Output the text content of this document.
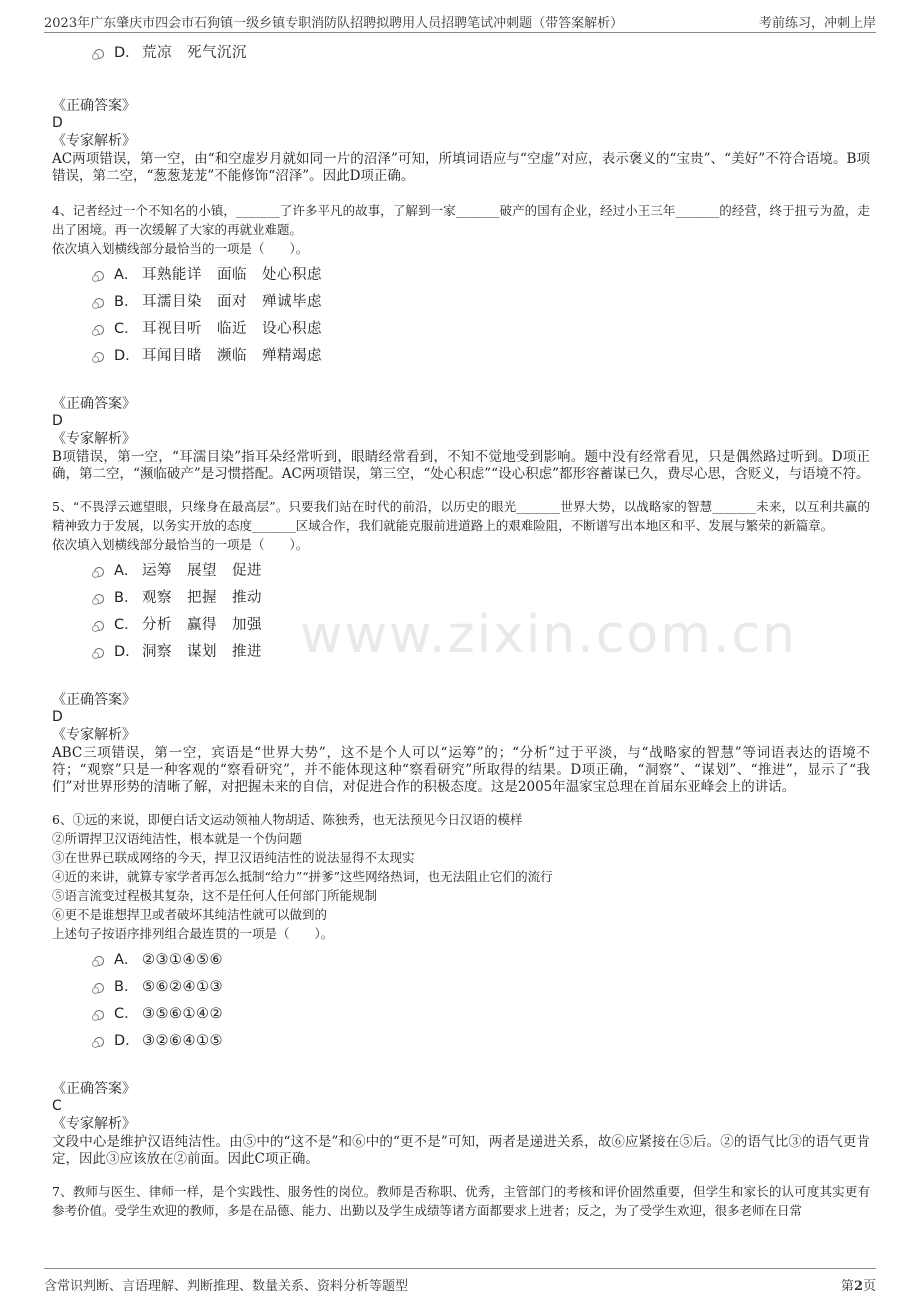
2023年广东肇庆市四会市石狗镇一级乡镇专职消防队招聘拟聘用人员招聘笔试冲刺题（带答案解析）	考前练习，冲刺上岸
www.zixin.com.cn
D． 荒凉　死气沉沉
《正确答案》
D
《专家解析》
AC两项错误，第一空，由“和空虚岁月就如同一片的沼泽”可知，所填词语应与“空虚”对应，表示褒义的“宝贵”、“美好”不符合语境。B项错误，第二空，“葱葱茏茏”不能修饰“沼泽”。因此D项正确。
4、记者经过一个不知名的小镇，_______了许多平凡的故事，了解到一家_______破产的国有企业，经过小王三年_______的经营，终于扭亏为盈，走出了困境。再一次缓解了大家的再就业难题。
依次填入划横线部分最恰当的一项是（　　）。
A． 耳熟能详　面临　处心积虑
B． 耳濡目染　面对　殚诚毕虑
C． 耳视目听　临近　设心积虑
D． 耳闻目睹　濒临　殚精竭虑
《正确答案》
D
《专家解析》
B项错误，第一空，“耳濡目染”指耳朵经常听到，眼睛经常看到，不知不觉地受到影响。题中没有经常看见，只是偶然路过听到。D项正确，第二空，“濒临破产”是习惯搭配。AC两项错误，第三空，“处心积虑”“设心积虑”都形容蓄谋已久，费尽心思，含贬义，与语境不符。
5、“不畏浮云遮望眼，只缘身在最高层”。只要我们站在时代的前沿，以历史的眼光_______世界大势，以战略家的智慧_______未来，以互利共赢的精神致力于发展，以务实开放的态度_______区域合作，我们就能克服前进道路上的艰难险阻，不断谱写出本地区和平、发展与繁荣的新篇章。
依次填入划横线部分最恰当的一项是（　　）。
A． 运筹　展望　促进
B． 观察　把握　推动
C． 分析　赢得　加强
D． 洞察　谋划　推进
《正确答案》
D
《专家解析》
ABC三项错误，第一空，宾语是“世界大势”，这不是个人可以“运筹”的；“分析”过于平淡，与“战略家的智慧”等词语表达的语境不符；“观察”只是一种客观的“察看研究”，并不能体现这种“察看研究”所取得的结果。D项正确，“洞察”、“谋划”、“推进”，显示了“我们”对世界形势的清晰了解，对把握未来的自信，对促进合作的积极态度。这是2005年温家宝总理在首届东亚峰会上的讲话。
6、①远的来说，即便白话文运动领袖人物胡适、陈独秀，也无法预见今日汉语的模样
②所谓捍卫汉语纯洁性，根本就是一个伪问题
③在世界已联成网络的今天，捍卫汉语纯洁性的说法显得不太现实
④近的来讲，就算专家学者再怎么抵制“给力”“拼爹”这些网络热词，也无法阻止它们的流行
⑤语言流变过程极其复杂，这不是任何人任何部门所能规制
⑥更不是谁想捍卫或者破坏其纯洁性就可以做到的
上述句子按语序排列组合最连贯的一项是（　　）。
A． ②③①④⑤⑥
B． ⑤⑥②④①③
C． ③⑤⑥①④②
D． ③②⑥④①⑤
《正确答案》
C
《专家解析》
文段中心是维护汉语纯洁性。由⑤中的“这不是”和⑥中的“更不是”可知，两者是递进关系，故⑥应紧接在⑤后。②的语气比③的语气更肯定，因此③应该放在②前面。因此C项正确。
7、教师与医生、律师一样，是个实践性、服务性的岗位。教师是否称职、优秀，主管部门的考核和评价固然重要，但学生和家长的认可度其实更有参考价值。受学生欢迎的教师，多是在品德、能力、出勤以及学生成绩等诸方面都要求上进者；反之，为了受学生欢迎，很多老师在日常
含常识判断、言语理解、判断推理、数量关系、资料分析等题型	第2页
